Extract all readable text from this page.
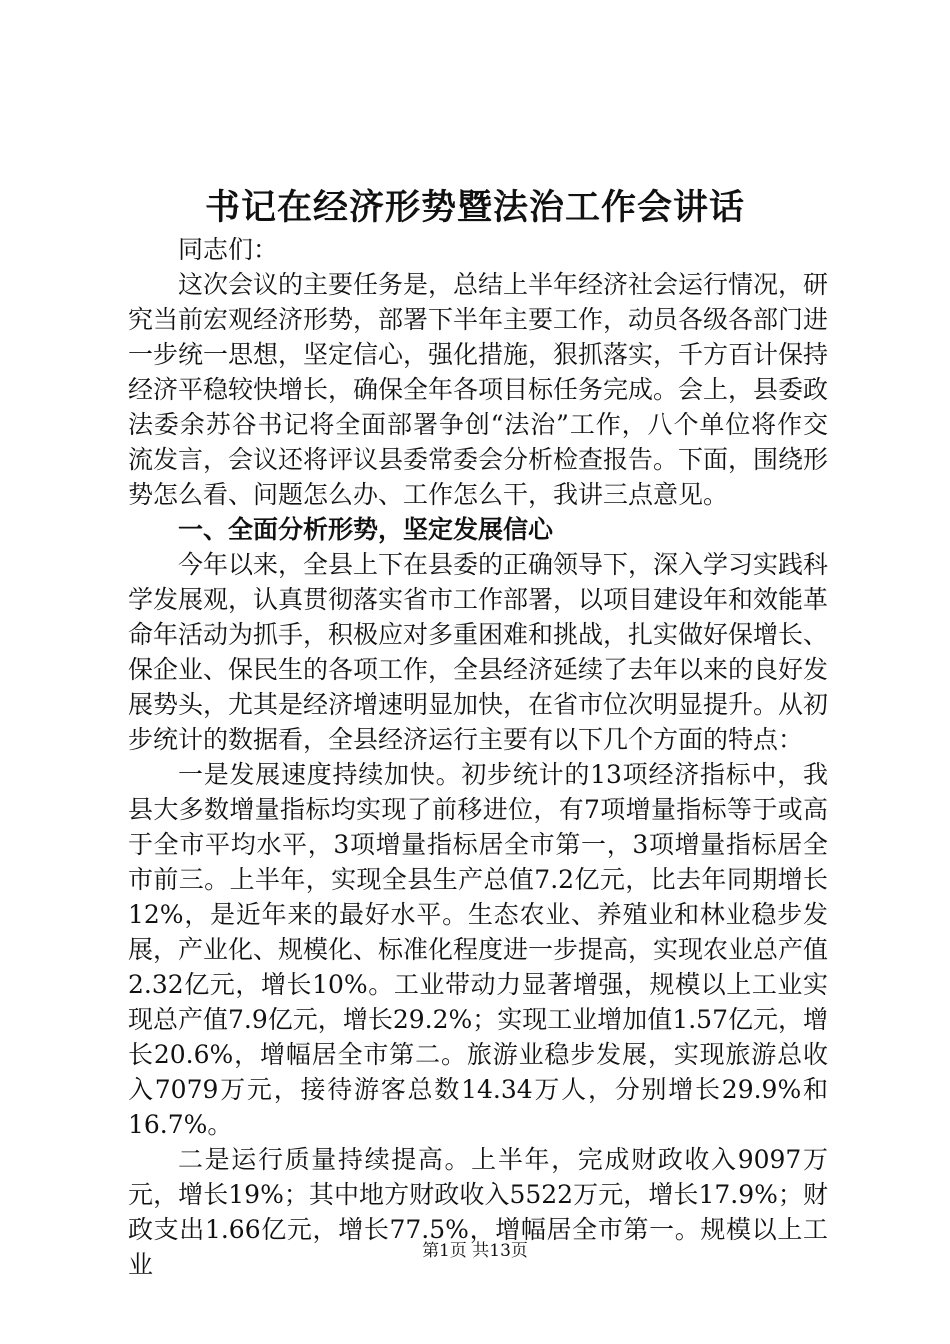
书记在经济形势暨法治工作会讲话

同志们：

这次会议的主要任务是，总结上半年经济社会运行情况，研究当前宏观经济形势，部署下半年主要工作，动员各级各部门进一步统一思想，坚定信心，强化措施，狠抓落实，千方百计保持经济平稳较快增长，确保全年各项目标任务完成。会上，县委政法委余苏谷书记将全面部署争创“法治”工作，八个单位将作交流发言，会议还将评议县委常委会分析检查报告。下面，围绕形势怎么看、问题怎么办、工作怎么干，我讲三点意见。

一、全面分析形势，坚定发展信心

今年以来，全县上下在县委的正确领导下，深入学习实践科学发展观，认真贯彻落实省市工作部署，以项目建设年和效能革命年活动为抓手，积极应对多重困难和挑战，扎实做好保增长、保企业、保民生的各项工作，全县经济延续了去年以来的良好发展势头，尤其是经济增速明显加快，在省市位次明显提升。从初步统计的数据看，全县经济运行主要有以下几个方面的特点：

一是发展速度持续加快。初步统计的13项经济指标中，我县大多数增量指标均实现了前移进位，有7项增量指标等于或高于全市平均水平，3项增量指标居全市第一，3项增量指标居全市前三。上半年，实现全县生产总值7.2亿元，比去年同期增长12%，是近年来的最好水平。生态农业、养殖业和林业稳步发展，产业化、规模化、标准化程度进一步提高，实现农业总产值2.32亿元，增长10%。工业带动力显著增强，规模以上工业实现总产值7.9亿元，增长29.2%；实现工业增加值1.57亿元，增长20.6%，增幅居全市第二。旅游业稳步发展，实现旅游总收入7079万元，接待游客总数14.34万人，分别增长29.9%和16.7%。

二是运行质量持续提高。上半年，完成财政收入9097万元，增长19%；其中地方财政收入5522万元，增长17.9%；财政支出1.66亿元，增长77.5%，增幅居全市第一。规模以上工业	第1页 共13页
